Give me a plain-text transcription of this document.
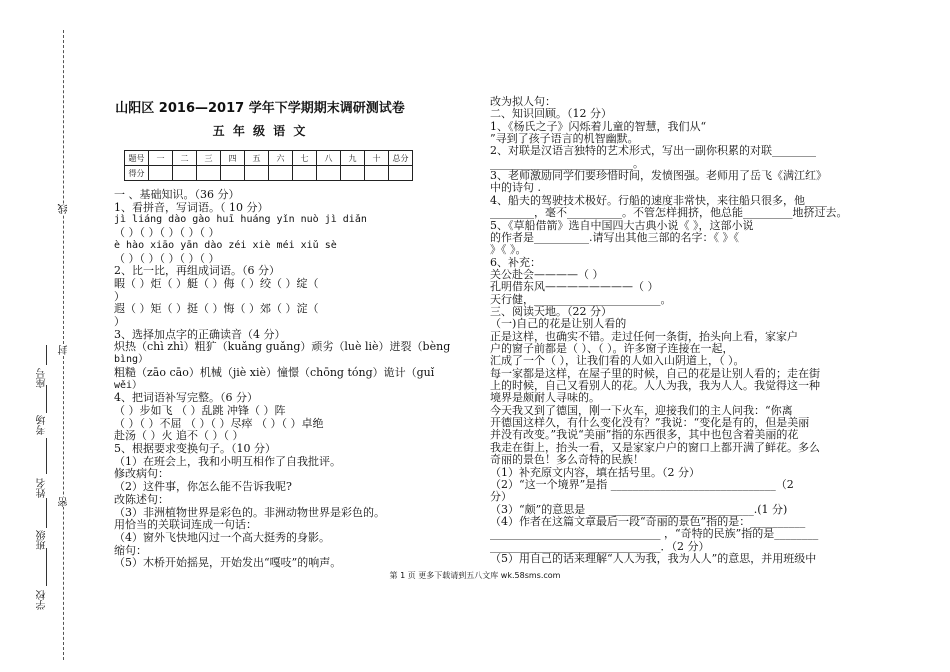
线
封
密
学校
班级
姓名
考场
座号
山阳区 2016—2017 学年下学期期末调研测试卷
五 年 级 语 文
题号	一	二	三	四	五	六	七	八	九	十	总分
得分											
一 、基础知识。（36 分）
1、看拼音，写词语。（ 10 分）
jì liáng dào gào huī huáng yǐn nuò jì diǎn
（ ）（ ）（ ）（ ）（ ）
è hào xiāo yān dào zéi xiè méi xiǔ sè
（ ）（ ）（ ）（ ）（ ）
2、比一比，再组成词语。（6 分）
暇（ ）炬（ ）艇（ ）侮（ ）绞（ ）绽（
）
遐（ ）矩（ ）挺（ ）悔（ ）郊（ ）淀（
）
3、选择加点字的正确读音（4 分）
炽热（chì zhì）粗犷（kuǎng guǎng）顽劣（luè liè）迸裂（bèng
bìng）
粗糙（zāo cāo）机械（jiè xiè）憧憬（chōng tóng）诡计（guǐ
wěi）
4、把词语补写完整。（6 分）
（ ）步如飞 （ ）乱跳 冲锋（ ）阵
（ ）（ ）不屈 （ ）（ ）尽瘁 （ ）（ ）卓绝
赴汤（ ）火 追不（ ）（ ）
5、根据要求变换句子。（10 分）
（1）在班会上，我和小明互相作了自我批评。
修改病句：
（2）这件事，你怎么能不告诉我呢?
改陈述句：
（3）非洲植物世界是彩色的。非洲动物世界是彩色的。
用恰当的关联词连成一句话：
（4）窗外飞快地闪过一个高大挺秀的身影。
缩句：
（5）木桥开始摇晃，开始发出“嘎吱”的响声。
改为拟人句：
二、知识回顾。（12 分）
1、《杨氏之子》闪烁着儿童的智慧，我们从“
”寻到了孩子语言的机智幽默。
2、对联是汉语言独特的艺术形式，写出一副你积累的对联________
__________________________。
3、老师激励同学们要珍惜时间，发愤图强。老师用了岳飞《满江红》
中的诗句 .
4、船夫的驾驶技术极好。行船的速度非常快，来往船只很多，他____
________，毫不__________。不管怎样拥挤，他总能_________地挤过去。
5、《草船借箭》选自中国四大古典小说《 》，这部小说
的作者是__________.请写出其他三部的名字：《 》《
》《 》。
6、补充：
关公赴会————（ ）
孔明借东风————————（ ）
天行健，_______________________。
三、阅读天地。（22 分）
（一)自己的花是让别人看的
正是这样，也确实不错。走过任何一条街，抬头向上看，家家户
户的窗子前都是（ ）、（ ）。许多窗子连接在一起，
汇成了一个（ ），让我们看的人如入山阴道上，（ ）。
每一家都是这样，在屋子里的时候，自己的花是让别人看的；走在街
上的时候，自己又看别人的花。人人为我，我为人人。我觉得这一种
境界是颇耐人寻味的。
今天我又到了德国，刚一下火车，迎接我们的主人问我：“你离
开德国这样久，有什么变化没有？”我说：“变化是有的，但是美丽
并没有改变。”我说“美丽”指的东西很多，其中也包含着美丽的花
我走在街上，抬头一看，又是家家户户的窗口上都开满了鲜花。多么
奇丽的景色！多么奇特的民族！
（1）补充原文内容，填在括号里。（2 分）
（2）“这一个境界”是指 ______________________________（2
分）
（3）“颇”的意思是 ______________________________.(1 分)
（4）作者在这篇文章最后一段“奇丽的景色”指的是：__________
_______________________________ ，“奇特的民族”指的是________
_______________________________．（2 分）
（5）用自己的话来理解“人人为我，我为人人”的意思，并用班级中
第 1 页 更多下载请到五八文库 wk.58sms.com
